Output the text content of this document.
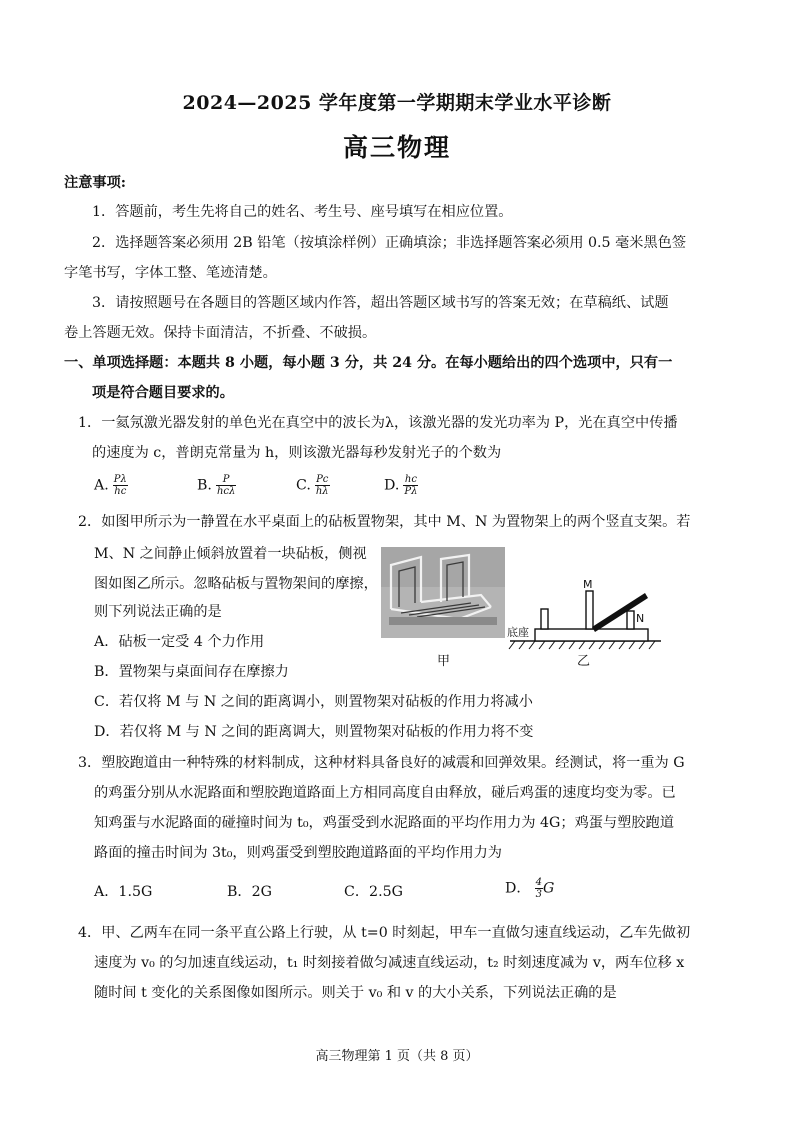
2024—2025 学年度第一学期期末学业水平诊断
高三物理
注意事项:
1．答题前，考生先将自己的姓名、考生号、座号填写在相应位置。
2．选择题答案必须用 2B 铅笔（按填涂样例）正确填涂；非选择题答案必须用 0.5 毫米黑色签
字笔书写，字体工整、笔迹清楚。
3．请按照题号在各题目的答题区域内作答，超出答题区域书写的答案无效；在草稿纸、试题
卷上答题无效。保持卡面清洁，不折叠、不破损。
一、单项选择题：本题共 8 小题，每小题 3 分，共 24 分。在每小题给出的四个选项中，只有一
项是符合题目要求的。
1．一氦氖激光器发射的单色光在真空中的波长为λ，该激光器的发光功率为 P，光在真空中传播
的速度为 c，普朗克常量为 h，则该激光器每秒发射光子的个数为
A. $\frac{P\lambda}{hc}$	B. $\frac{P}{\text{hcλ}}$	C. $\frac{Pc}{h\lambda}$	D. $\frac{hc}{P\lambda}$
2．如图甲所示为一静置在水平桌面上的砧板置物架，其中 M、N 为置物架上的两个竖直支架。若
M、N 之间静止倾斜放置着一块砧板，侧视
图如图乙所示。忽略砧板与置物架间的摩擦，
则下列说法正确的是
A．砧板一定受 4 个力作用
B．置物架与桌面间存在摩擦力
C．若仅将 M 与 N 之间的距离调小，则置物架对砧板的作用力将减小
D．若仅将 M 与 N 之间的距离调大，则置物架对砧板的作用力将不变
甲
M
N
底座
乙
3．塑胶跑道由一种特殊的材料制成，这种材料具备良好的减震和回弹效果。经测试，将一重为 G
的鸡蛋分别从水泥路面和塑胶跑道路面上方相同高度自由释放，碰后鸡蛋的速度均变为零。已
知鸡蛋与水泥路面的碰撞时间为 t₀，鸡蛋受到水泥路面的平均作用力为 4G；鸡蛋与塑胶跑道
路面的撞击时间为 3t₀，则鸡蛋受到塑胶跑道路面的平均作用力为
A．1.5G	B．2G	C．2.5G	D． $\frac{4}{3}$ G
4．甲、乙两车在同一条平直公路上行驶，从 t=0 时刻起，甲车一直做匀速直线运动，乙车先做初
速度为 v₀ 的匀加速直线运动，t₁ 时刻接着做匀减速直线运动，t₂ 时刻速度减为 v，两车位移 x
随时间 t 变化的关系图像如图所示。则关于 v₀ 和 v 的大小关系，下列说法正确的是
高三物理第 1 页（共 8 页）
